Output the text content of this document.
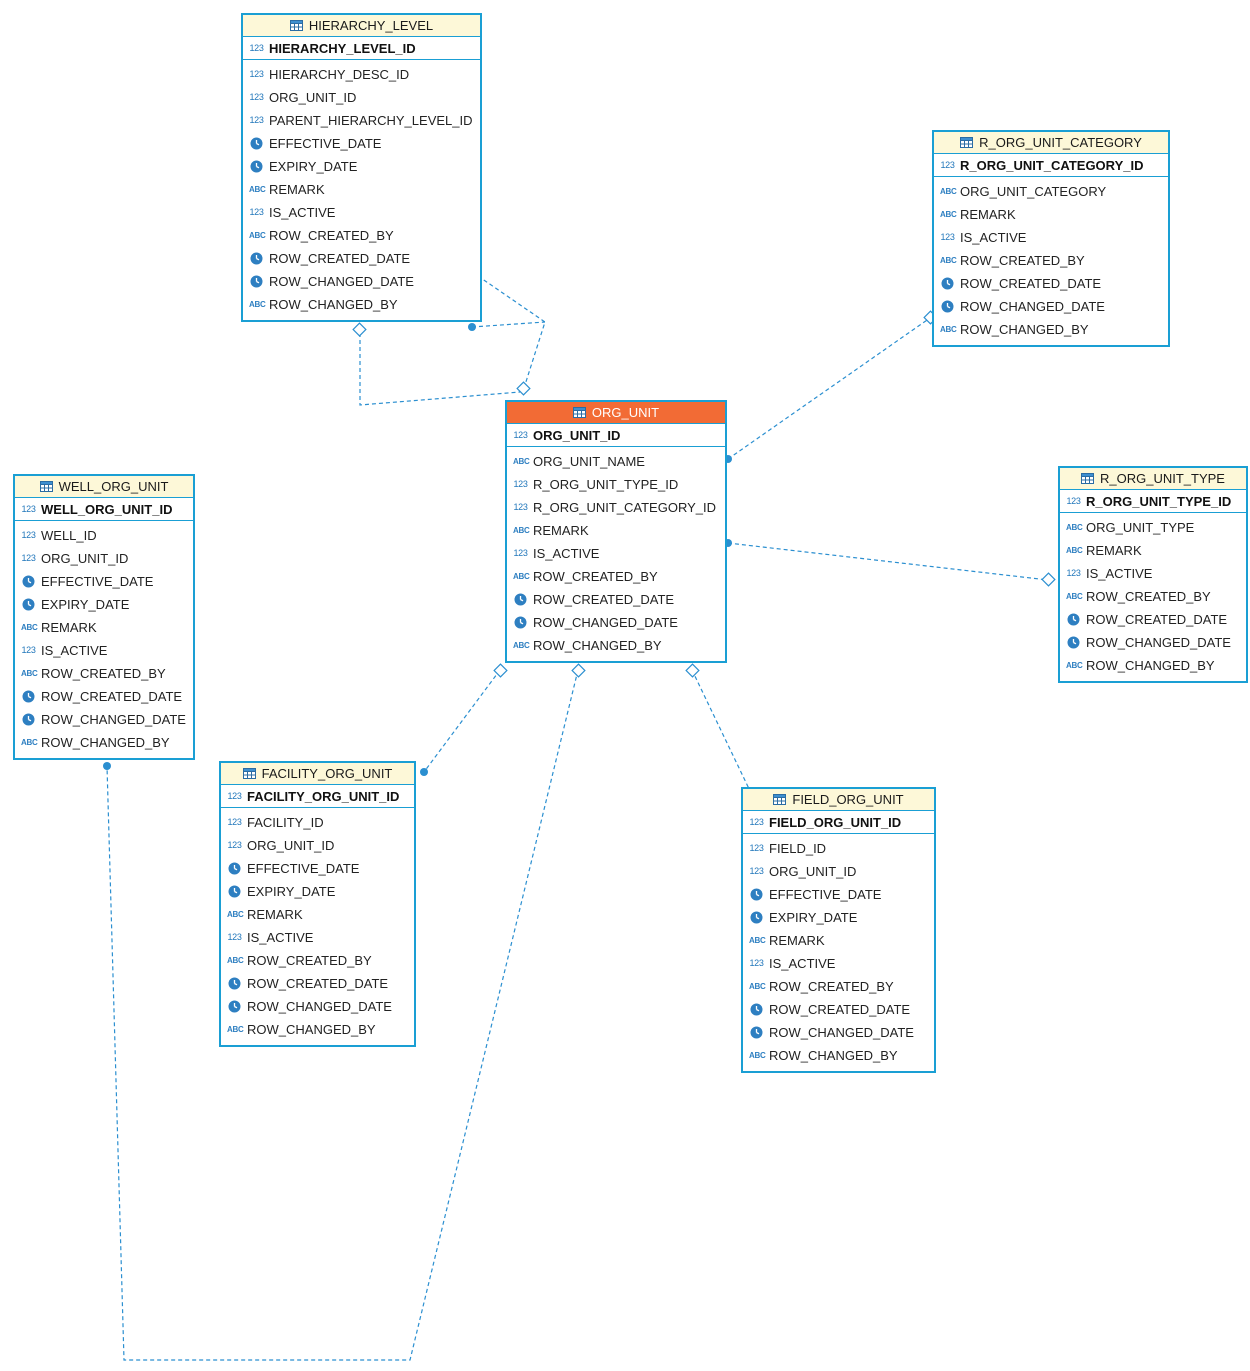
HIERARCHY_LEVEL
123 HIERARCHY_LEVEL_ID
123 HIERARCHY_DESC_ID
123 ORG_UNIT_ID
123 PARENT_HIERARCHY_LEVEL_ID
EFFECTIVE_DATE
EXPIRY_DATE
ABC REMARK
123 IS_ACTIVE
ABC ROW_CREATED_BY
ROW_CREATED_DATE
ROW_CHANGED_DATE
ABC ROW_CHANGED_BY
R_ORG_UNIT_CATEGORY
123 R_ORG_UNIT_CATEGORY_ID
ABC ORG_UNIT_CATEGORY
ABC REMARK
123 IS_ACTIVE
ABC ROW_CREATED_BY
ROW_CREATED_DATE
ROW_CHANGED_DATE
ABC ROW_CHANGED_BY
ORG_UNIT
123 ORG_UNIT_ID
ABC ORG_UNIT_NAME
123 R_ORG_UNIT_TYPE_ID
123 R_ORG_UNIT_CATEGORY_ID
ABC REMARK
123 IS_ACTIVE
ABC ROW_CREATED_BY
ROW_CREATED_DATE
ROW_CHANGED_DATE
ABC ROW_CHANGED_BY
R_ORG_UNIT_TYPE
123 R_ORG_UNIT_TYPE_ID
ABC ORG_UNIT_TYPE
ABC REMARK
123 IS_ACTIVE
ABC ROW_CREATED_BY
ROW_CREATED_DATE
ROW_CHANGED_DATE
ABC ROW_CHANGED_BY
WELL_ORG_UNIT
123 WELL_ORG_UNIT_ID
123 WELL_ID
123 ORG_UNIT_ID
EFFECTIVE_DATE
EXPIRY_DATE
ABC REMARK
123 IS_ACTIVE
ABC ROW_CREATED_BY
ROW_CREATED_DATE
ROW_CHANGED_DATE
ABC ROW_CHANGED_BY
FACILITY_ORG_UNIT
123 FACILITY_ORG_UNIT_ID
123 FACILITY_ID
123 ORG_UNIT_ID
EFFECTIVE_DATE
EXPIRY_DATE
ABC REMARK
123 IS_ACTIVE
ABC ROW_CREATED_BY
ROW_CREATED_DATE
ROW_CHANGED_DATE
ABC ROW_CHANGED_BY
FIELD_ORG_UNIT
123 FIELD_ORG_UNIT_ID
123 FIELD_ID
123 ORG_UNIT_ID
EFFECTIVE_DATE
EXPIRY_DATE
ABC REMARK
123 IS_ACTIVE
ABC ROW_CREATED_BY
ROW_CREATED_DATE
ROW_CHANGED_DATE
ABC ROW_CHANGED_BY
